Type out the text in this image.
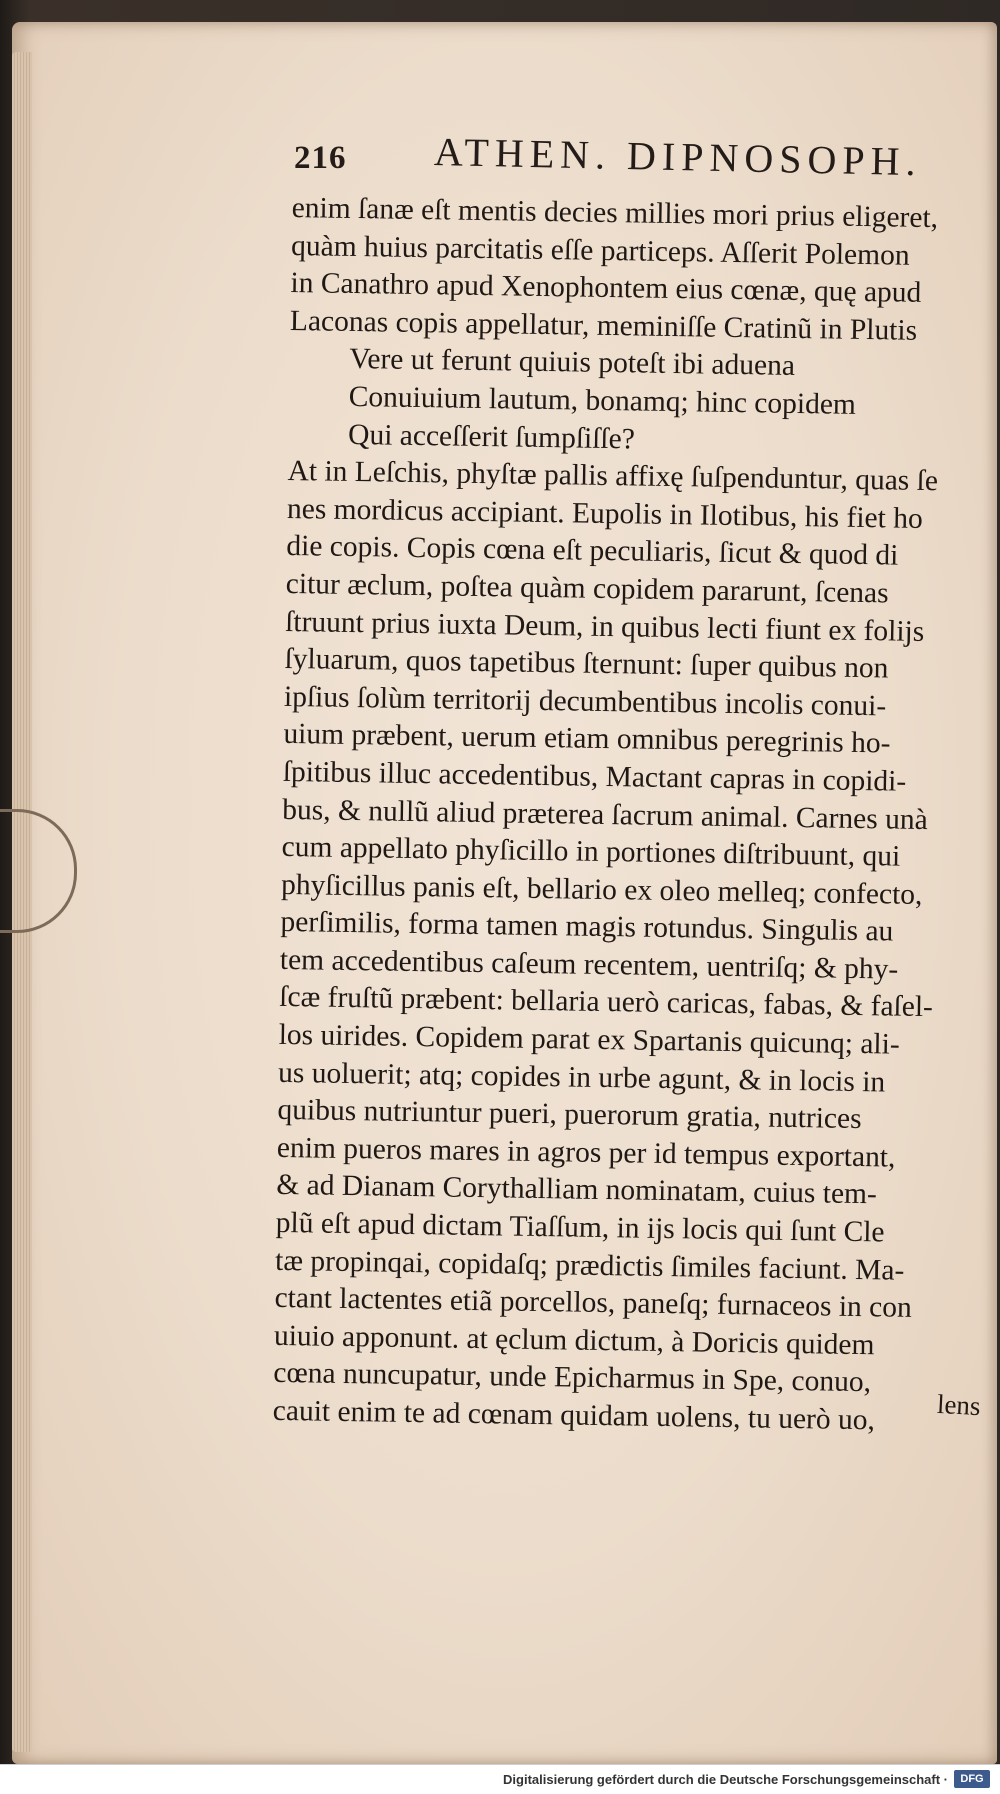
216 ATHEN. DIPNOSOPH.
enim ſanæ eſt mentis decies millies mori prius eligeret,
quàm huius parcitatis eſſe particeps. Aſſerit Polemon
in Canathro apud Xenophontem eius cœnæ, quę apud
Laconas copis appellatur, meminiſſe Cratinũ in Plutis
Vere ut ferunt quiuis poteſt ibi aduena
Conuiuium lautum, bonamq; hinc copidem
Qui acceſſerit ſumpſiſſe?
At in Leſchis, phyſtæ pallis affixę ſuſpenduntur, quas ſe
nes mordicus accipiant. Eupolis in Ilotibus, his fiet ho
die copis. Copis cœna eſt peculiaris, ſicut & quod di
citur æclum, poſtea quàm copidem pararunt, ſcenas
ſtruunt prius iuxta Deum, in quibus lecti fiunt ex folijs
ſyluarum, quos tapetibus ſternunt: ſuper quibus non
ipſius ſolùm territorij decumbentibus incolis conui-
uium præbent, uerum etiam omnibus peregrinis ho-
ſpitibus illuc accedentibus, Mactant capras in copidi-
bus, & nullũ aliud præterea ſacrum animal. Carnes unà
cum appellato phyſicillo in portiones diſtribuunt, qui
phyſicillus panis eſt, bellario ex oleo melleq; confecto,
perſimilis, forma tamen magis rotundus. Singulis au
tem accedentibus caſeum recentem, uentriſq; & phy-
ſcæ fruſtũ præbent: bellaria uerò caricas, fabas, & faſel-
los uirides. Copidem parat ex Spartanis quicunq; ali-
us uoluerit; atq; copides in urbe agunt, & in locis in
quibus nutriuntur pueri, puerorum gratia, nutrices
enim pueros mares in agros per id tempus exportant,
& ad Dianam Corythalliam nominatam, cuius tem-
plũ eſt apud dictam Tiaſſum, in ijs locis qui ſunt Cle
tæ propinqai, copidaſq; prædictis ſimiles faciunt. Ma-
ctant lactentes etiã porcellos, paneſq; furnaceos in con
uiuio apponunt. at ęclum dictum, à Doricis quidem
cœna nuncupatur, unde Epicharmus in Spe, conuo,
cauit enim te ad cœnam quidam uolens, tu uerò uo,	lens
Digitalisierung gefördert durch die Deutsche Forschungsgemeinschaft ·	DFG
